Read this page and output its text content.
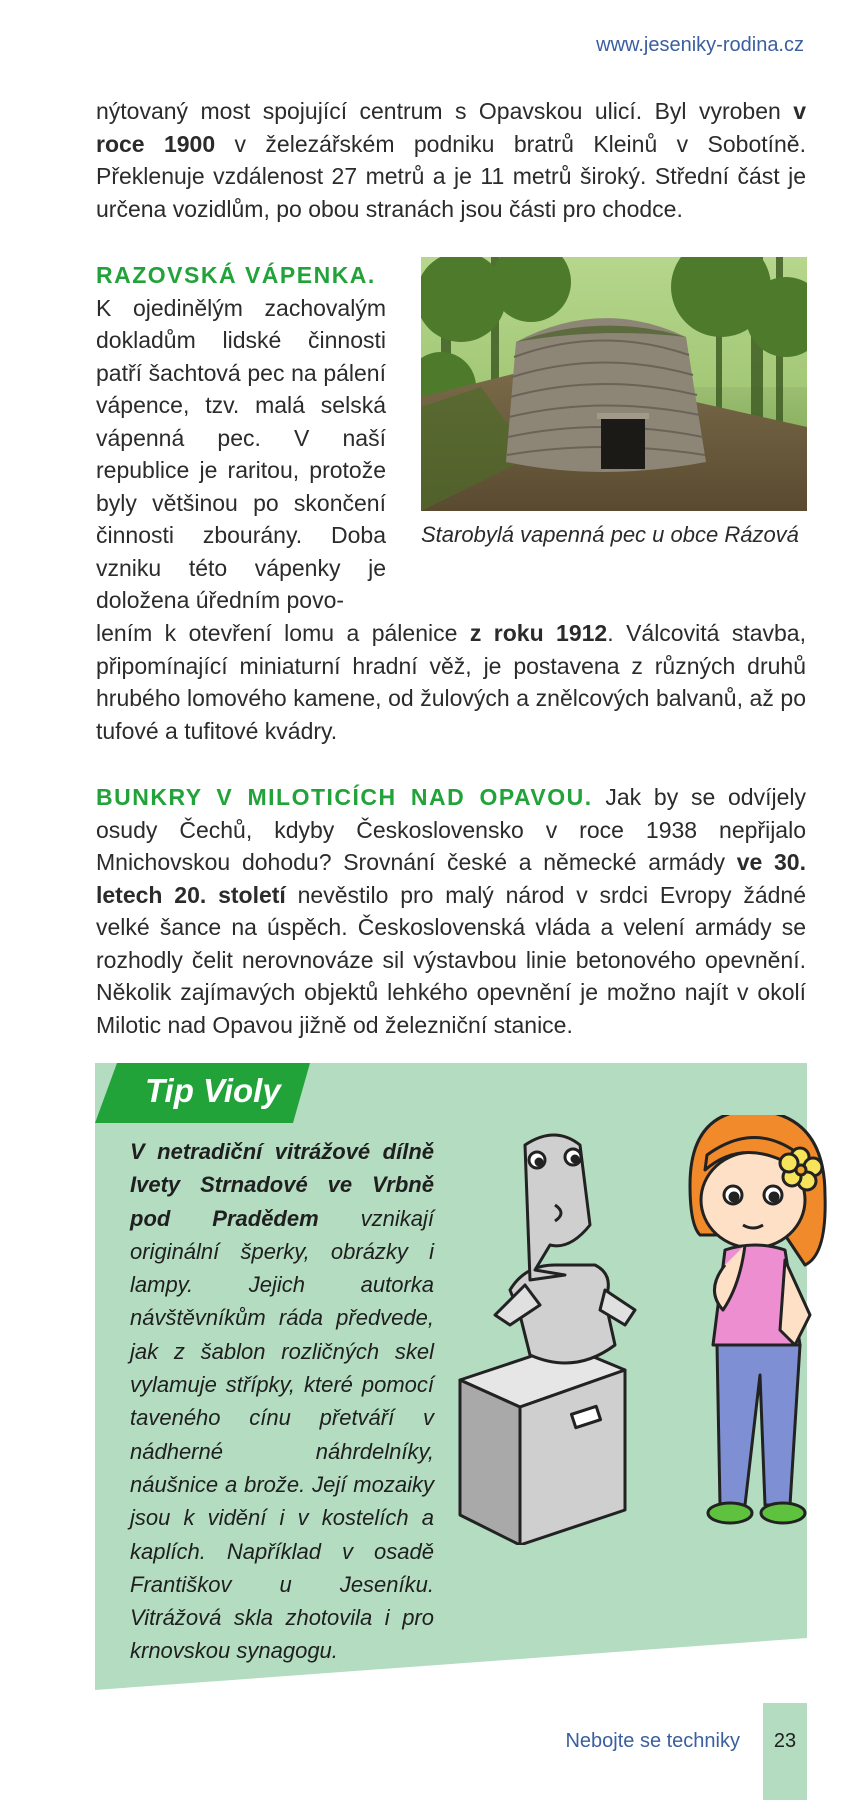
www.jeseniky-rodina.cz
nýtovaný most spojující centrum s Opavskou ulicí. Byl vyroben v roce 1900 v železářském podniku bratrů Kleinů v Sobotíně. Překlenuje vzdálenost 27 metrů a je 11 metrů široký. Střední část je určena vozidlům, po obou stranách jsou části pro chodce.
RAZOVSKÁ VÁPENKA.
K ojedinělým zachovalým dokladům lidské činnosti patří šachtová pec na pálení vápence, tzv. malá selská vápenná pec. V naší republice je raritou, protože byly většinou po skončení činnosti zbourány. Doba vzniku této vápenky je doložena úředním povo-
lením k otevření lomu a pálenice z roku 1912. Válcovitá stavba, připomínající miniaturní hradní věž, je postavena z různých druhů hrubého lomového kamene, od žulových a znělcových balvanů, až po tufové a tufitové kvádry.
Starobylá vapenná pec u obce Rázová
BUNKRY V MILOTICÍCH NAD OPAVOU. Jak by se odvíjely osudy Čechů, kdyby Československo v roce 1938 nepřijalo Mnichovskou dohodu? Srovnání české a německé armády ve 30. letech 20. století nevěstilo pro malý národ v srdci Evropy žádné velké šance na úspěch. Československá vláda a velení armády se rozhodly čelit nerovnováze sil výstavbou linie betonového opevnění. Několik zajímavých objektů lehkého opevnění je možno najít v okolí Milotic nad Opavou jižně od železniční stanice.
Tip Violy
V netradiční vitrážové dílně Ivety Strnadové ve Vrbně pod Pradědem vznikají originální šperky, obrázky i lampy. Jejich autorka návštěvníkům ráda předvede, jak z šablon rozličných skel vylamuje střípky, které pomocí taveného cínu přetváří v nádherné náhrdelníky, náušnice a brože. Její mozaiky jsou k vidění i v kostelích a kaplích. Například v osadě Františkov u Jeseníku. Vitrážová skla zhotovila i pro krnovskou synagogu.
Nebojte se techniky	23
